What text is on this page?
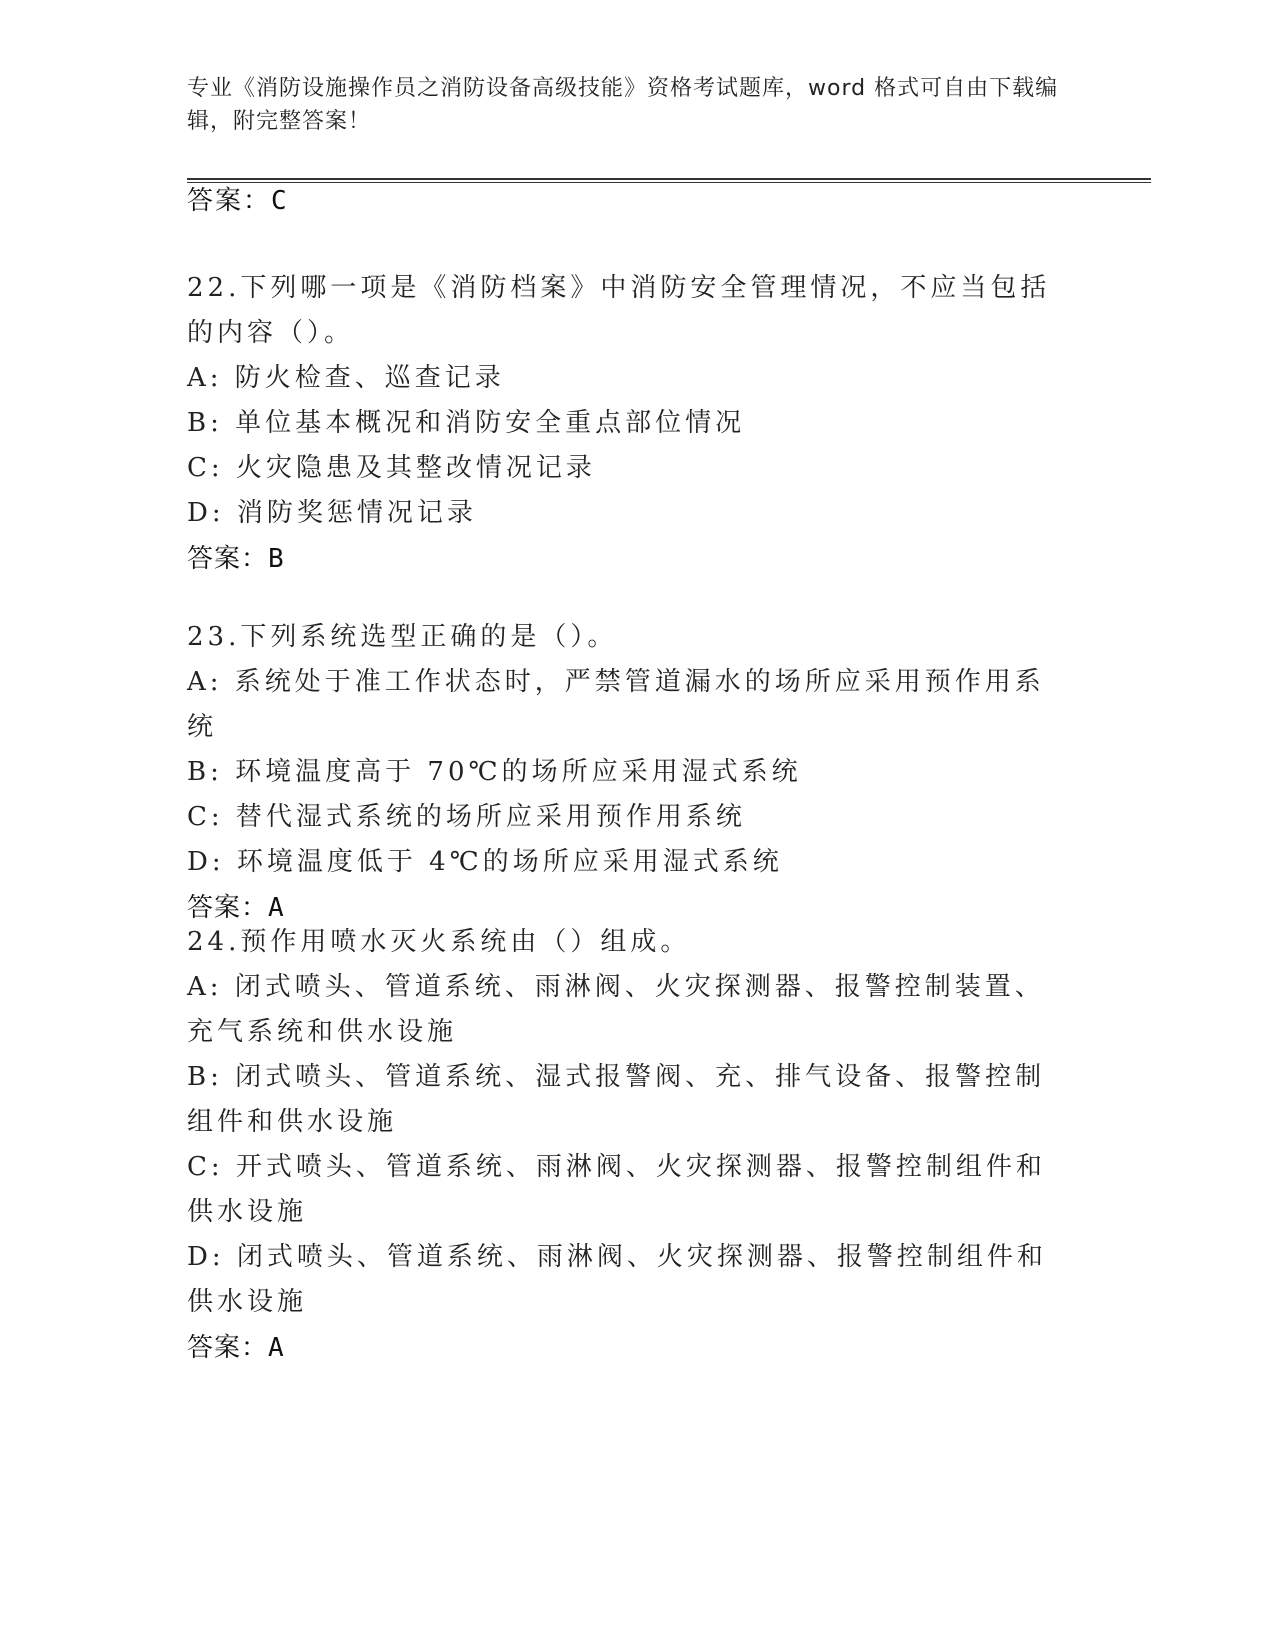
专业《消防设施操作员之消防设备高级技能》资格考试题库，word 格式可自由下载编辑，附完整答案！
答案：C
22.下列哪一项是《消防档案》中消防安全管理情况，不应当包括的内容（）。
A: 防火检查、巡查记录
B: 单位基本概况和消防安全重点部位情况
C: 火灾隐患及其整改情况记录
D: 消防奖惩情况记录
答案：B
23.下列系统选型正确的是（）。
A: 系统处于准工作状态时，严禁管道漏水的场所应采用预作用系统
B: 环境温度高于 70℃的场所应采用湿式系统
C: 替代湿式系统的场所应采用预作用系统
D: 环境温度低于 4℃的场所应采用湿式系统
答案：A
24.预作用喷水灭火系统由（）组成。
A: 闭式喷头、管道系统、雨淋阀、火灾探测器、报警控制装置、充气系统和供水设施
B: 闭式喷头、管道系统、湿式报警阀、充、排气设备、报警控制组件和供水设施
C: 开式喷头、管道系统、雨淋阀、火灾探测器、报警控制组件和供水设施
D: 闭式喷头、管道系统、雨淋阀、火灾探测器、报警控制组件和供水设施
答案：A
